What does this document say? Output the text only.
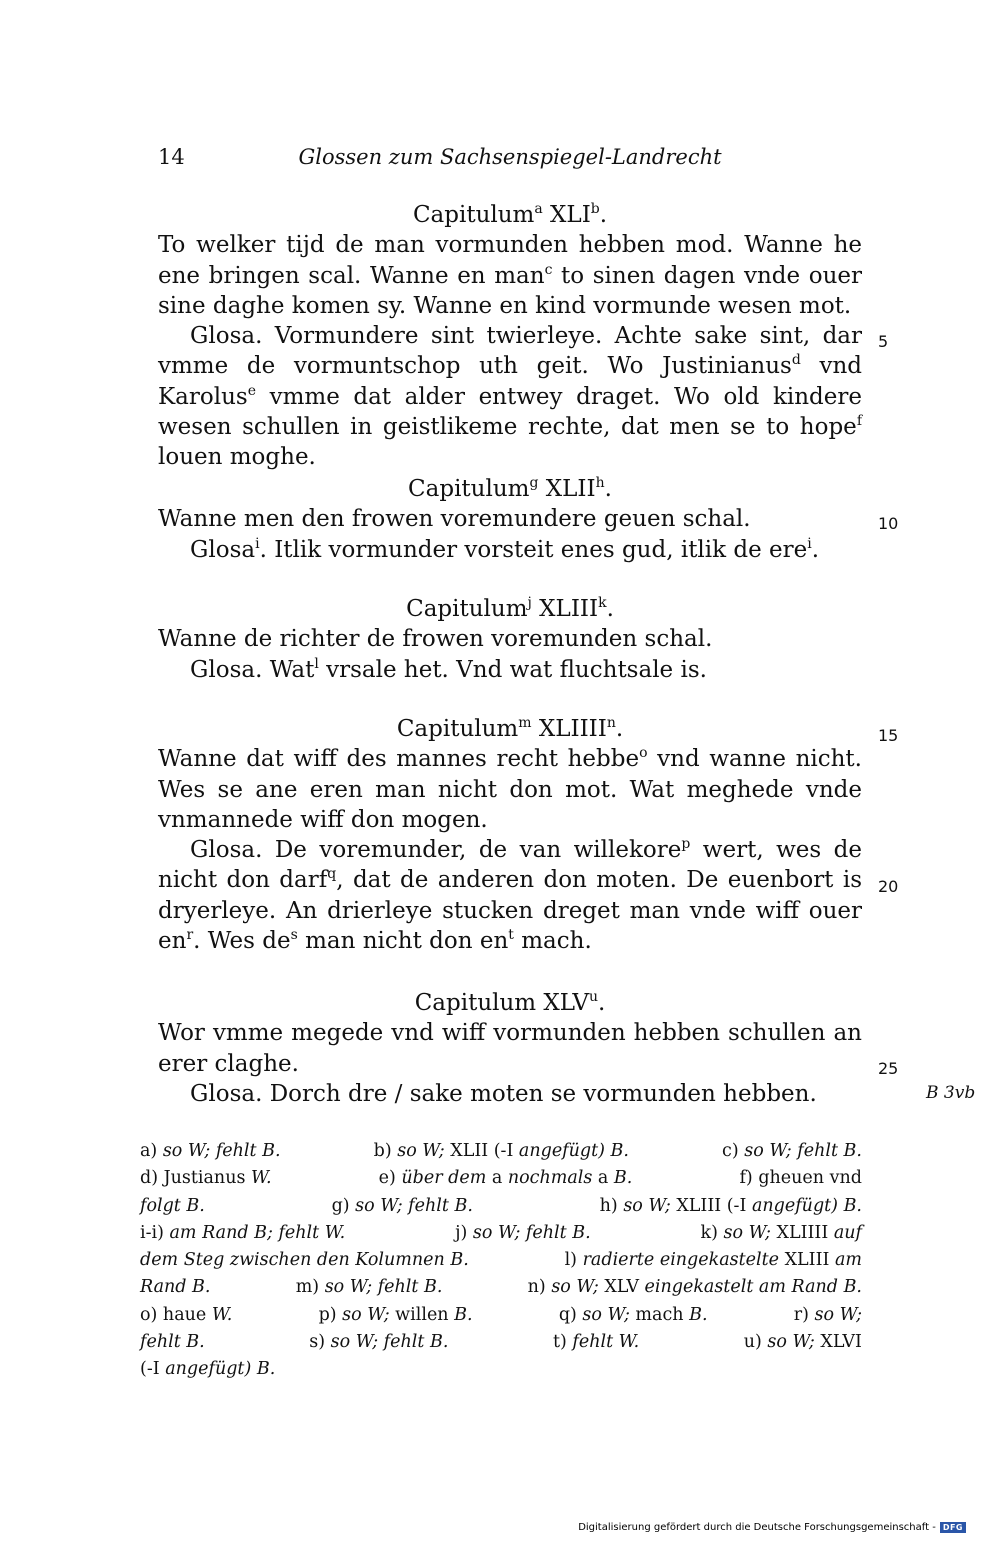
14	Glossen zum Sachsenspiegel-Landrecht
Capitulum$^a$ XLI$^b$.
To welker tijd de man vormunden hebben mod. Wanne he ene bringen scal. Wanne en man$^c$ to sinen dagen vnde ouer sine daghe komen sy. Wanne en kind vormunde wesen mot.
Glosa. Vormundere sint twierleye. Achte sake sint, dar vmme de vormuntschop uth geit. Wo Justinianus$^d$ vnd Karolus$^e$ vmme dat alder entwey draget. Wo old kindere wesen schullen in geistlikeme rechte, dat men se to hope$^f$ louen moghe.
Capitulum$^g$ XLII$^h$.
Wanne men den frowen voremundere geuen schal.
Glosa$^i$. Itlik vormunder vorsteit enes gud, itlik de ere$^i$.
Capitulum$^j$ XLIII$^k$.
Wanne de richter de frowen voremunden schal.
Glosa. Wat$^l$ vrsale het. Vnd wat fluchtsale is.
Capitulum$^m$ XLIIII$^n$.
Wanne dat wiff des mannes recht hebbe$^o$ vnd wanne nicht. Wes se ane eren man nicht don mot. Wat meghede vnde vnmannede wiff don mogen.
Glosa. De voremunder, de van willekore$^p$ wert, wes de nicht don darf$^q$, dat de anderen don moten. De euenbort is dryerleye. An drierleye stucken dreget man vnde wiff ouer $en^r$. Wes $de^s$ man nicht don $en^t$ mach.
Capitulum XLV$^u$.
Wor vmme megede vnd wiff vormunden hebben schullen an erer claghe.
Glosa. Dorch dre / sake moten se vormunden hebben.
5
10
15
20
25
B 3vb
a) so W; fehlt B.	b) so W; XLII (-I angefügt) B.	c) so W; fehlt B.
d) Justianus W.	e) über dem a nochmals a B.	f) gheuen vnd
folgt B.	g) so W; fehlt B.	h) so W; XLIII (-I angefügt) B.
i-i) am Rand B; fehlt W.	j) so W; fehlt B.	k) so W; XLIIII auf
dem Steg zwischen den Kolumnen B.	l) radierte eingekastelte XLIII am
Rand B.	m) so W; fehlt B.	n) so W; XLV eingekastelt am Rand B.
o) haue W.	p) so W; willen B.	q) so W; mach B.	r) so W;
fehlt B.	s) so W; fehlt B.	t) fehlt W.	u) so W; XLVI
(-I angefügt) B.
Digitalisierung gefördert durch die Deutsche Forschungsgemeinschaft - DFG
